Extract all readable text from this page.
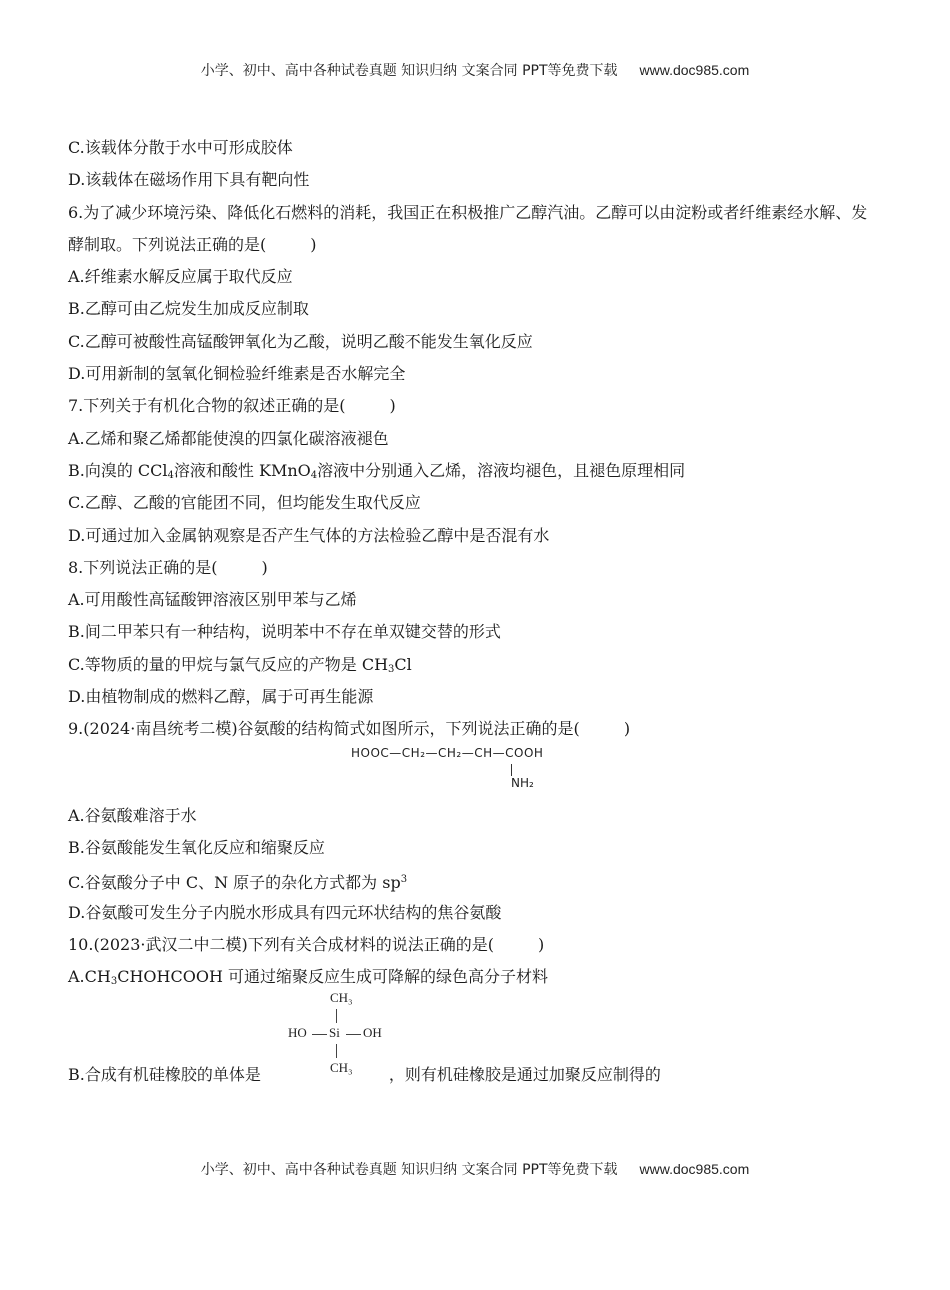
小学、初中、高中各种试卷真题 知识归纳 文案合同 PPT等免费下载 www.doc985.com
C.该载体分散于水中可形成胶体
D.该载体在磁场作用下具有靶向性
6.为了减少环境污染、降低化石燃料的消耗，我国正在积极推广乙醇汽油。乙醇可以由淀粉或者纤维素经水解、发酵制取。下列说法正确的是(	)
A.纤维素水解反应属于取代反应
B.乙醇可由乙烷发生加成反应制取
C.乙醇可被酸性高锰酸钾氧化为乙酸，说明乙酸不能发生氧化反应
D.可用新制的氢氧化铜检验纤维素是否水解完全
7.下列关于有机化合物的叙述正确的是(	)
A.乙烯和聚乙烯都能使溴的四氯化碳溶液褪色
B.向溴的 CCl$_4$溶液和酸性 KMnO$_4$溶液中分别通入乙烯，溶液均褪色，且褪色原理相同
C.乙醇、乙酸的官能团不同，但均能发生取代反应
D.可通过加入金属钠观察是否产生气体的方法检验乙醇中是否混有水
8.下列说法正确的是(	)
A.可用酸性高锰酸钾溶液区别甲苯与乙烯
B.间二甲苯只有一种结构，说明苯中不存在单双键交替的形式
C.等物质的量的甲烷与氯气反应的产物是 $CH_3Cl$
D.由植物制成的燃料乙醇，属于可再生能源
9.(2024·南昌统考二模)谷氨酸的结构简式如图所示，下列说法正确的是(	)
HOOC—CH₂—CH₂—CH—COOH
NH₂
A.谷氨酸难溶于水
B.谷氨酸能发生氧化反应和缩聚反应
C.谷氨酸分子中 C、N 原子的杂化方式都为 $sp^3$
D.谷氨酸可发生分子内脱水形成具有四元环状结构的焦谷氨酸
10.(2023·武汉二中二模)下列有关合成材料的说法正确的是(	)
$A.CH_3CHOHCOOH$ 可通过缩聚反应生成可降解的绿色高分子材料
B.合成有机硅橡胶的单体是	，则有机硅橡胶是通过加聚反应制得的
CH₃
HO Si OH
CH₃
小学、初中、高中各种试卷真题 知识归纳 文案合同 PPT等免费下载 www.doc985.com
